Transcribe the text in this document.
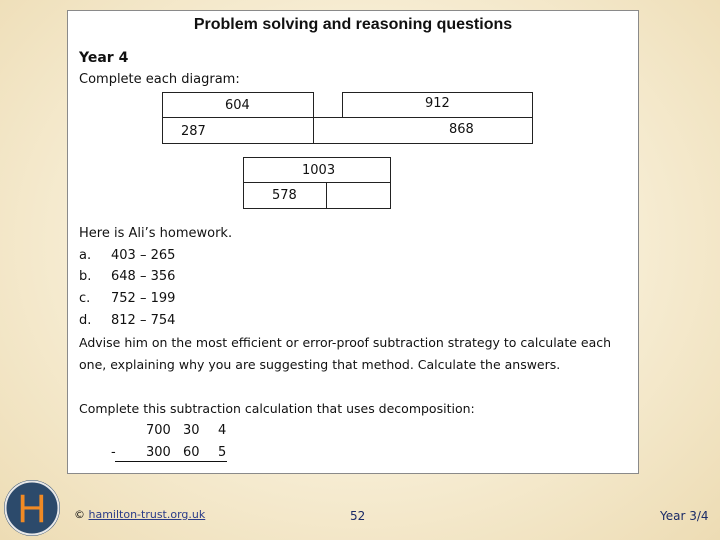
Problem solving and reasoning questions
Year 4
Complete each diagram:
604	912
287	868
1003
578
Here is Ali’s homework.
a. 403 – 265
b. 648 – 356
c. 752 – 199
d. 812 – 754
Advise him on the most efficient or error-proof subtraction strategy to calculate each
one, explaining why you are suggesting that method. Calculate the answers.
Complete this subtraction calculation that uses decomposition:
700 30 4
- 300 60 5
H	© hamilton-trust.org.uk	52	Year 3/4
